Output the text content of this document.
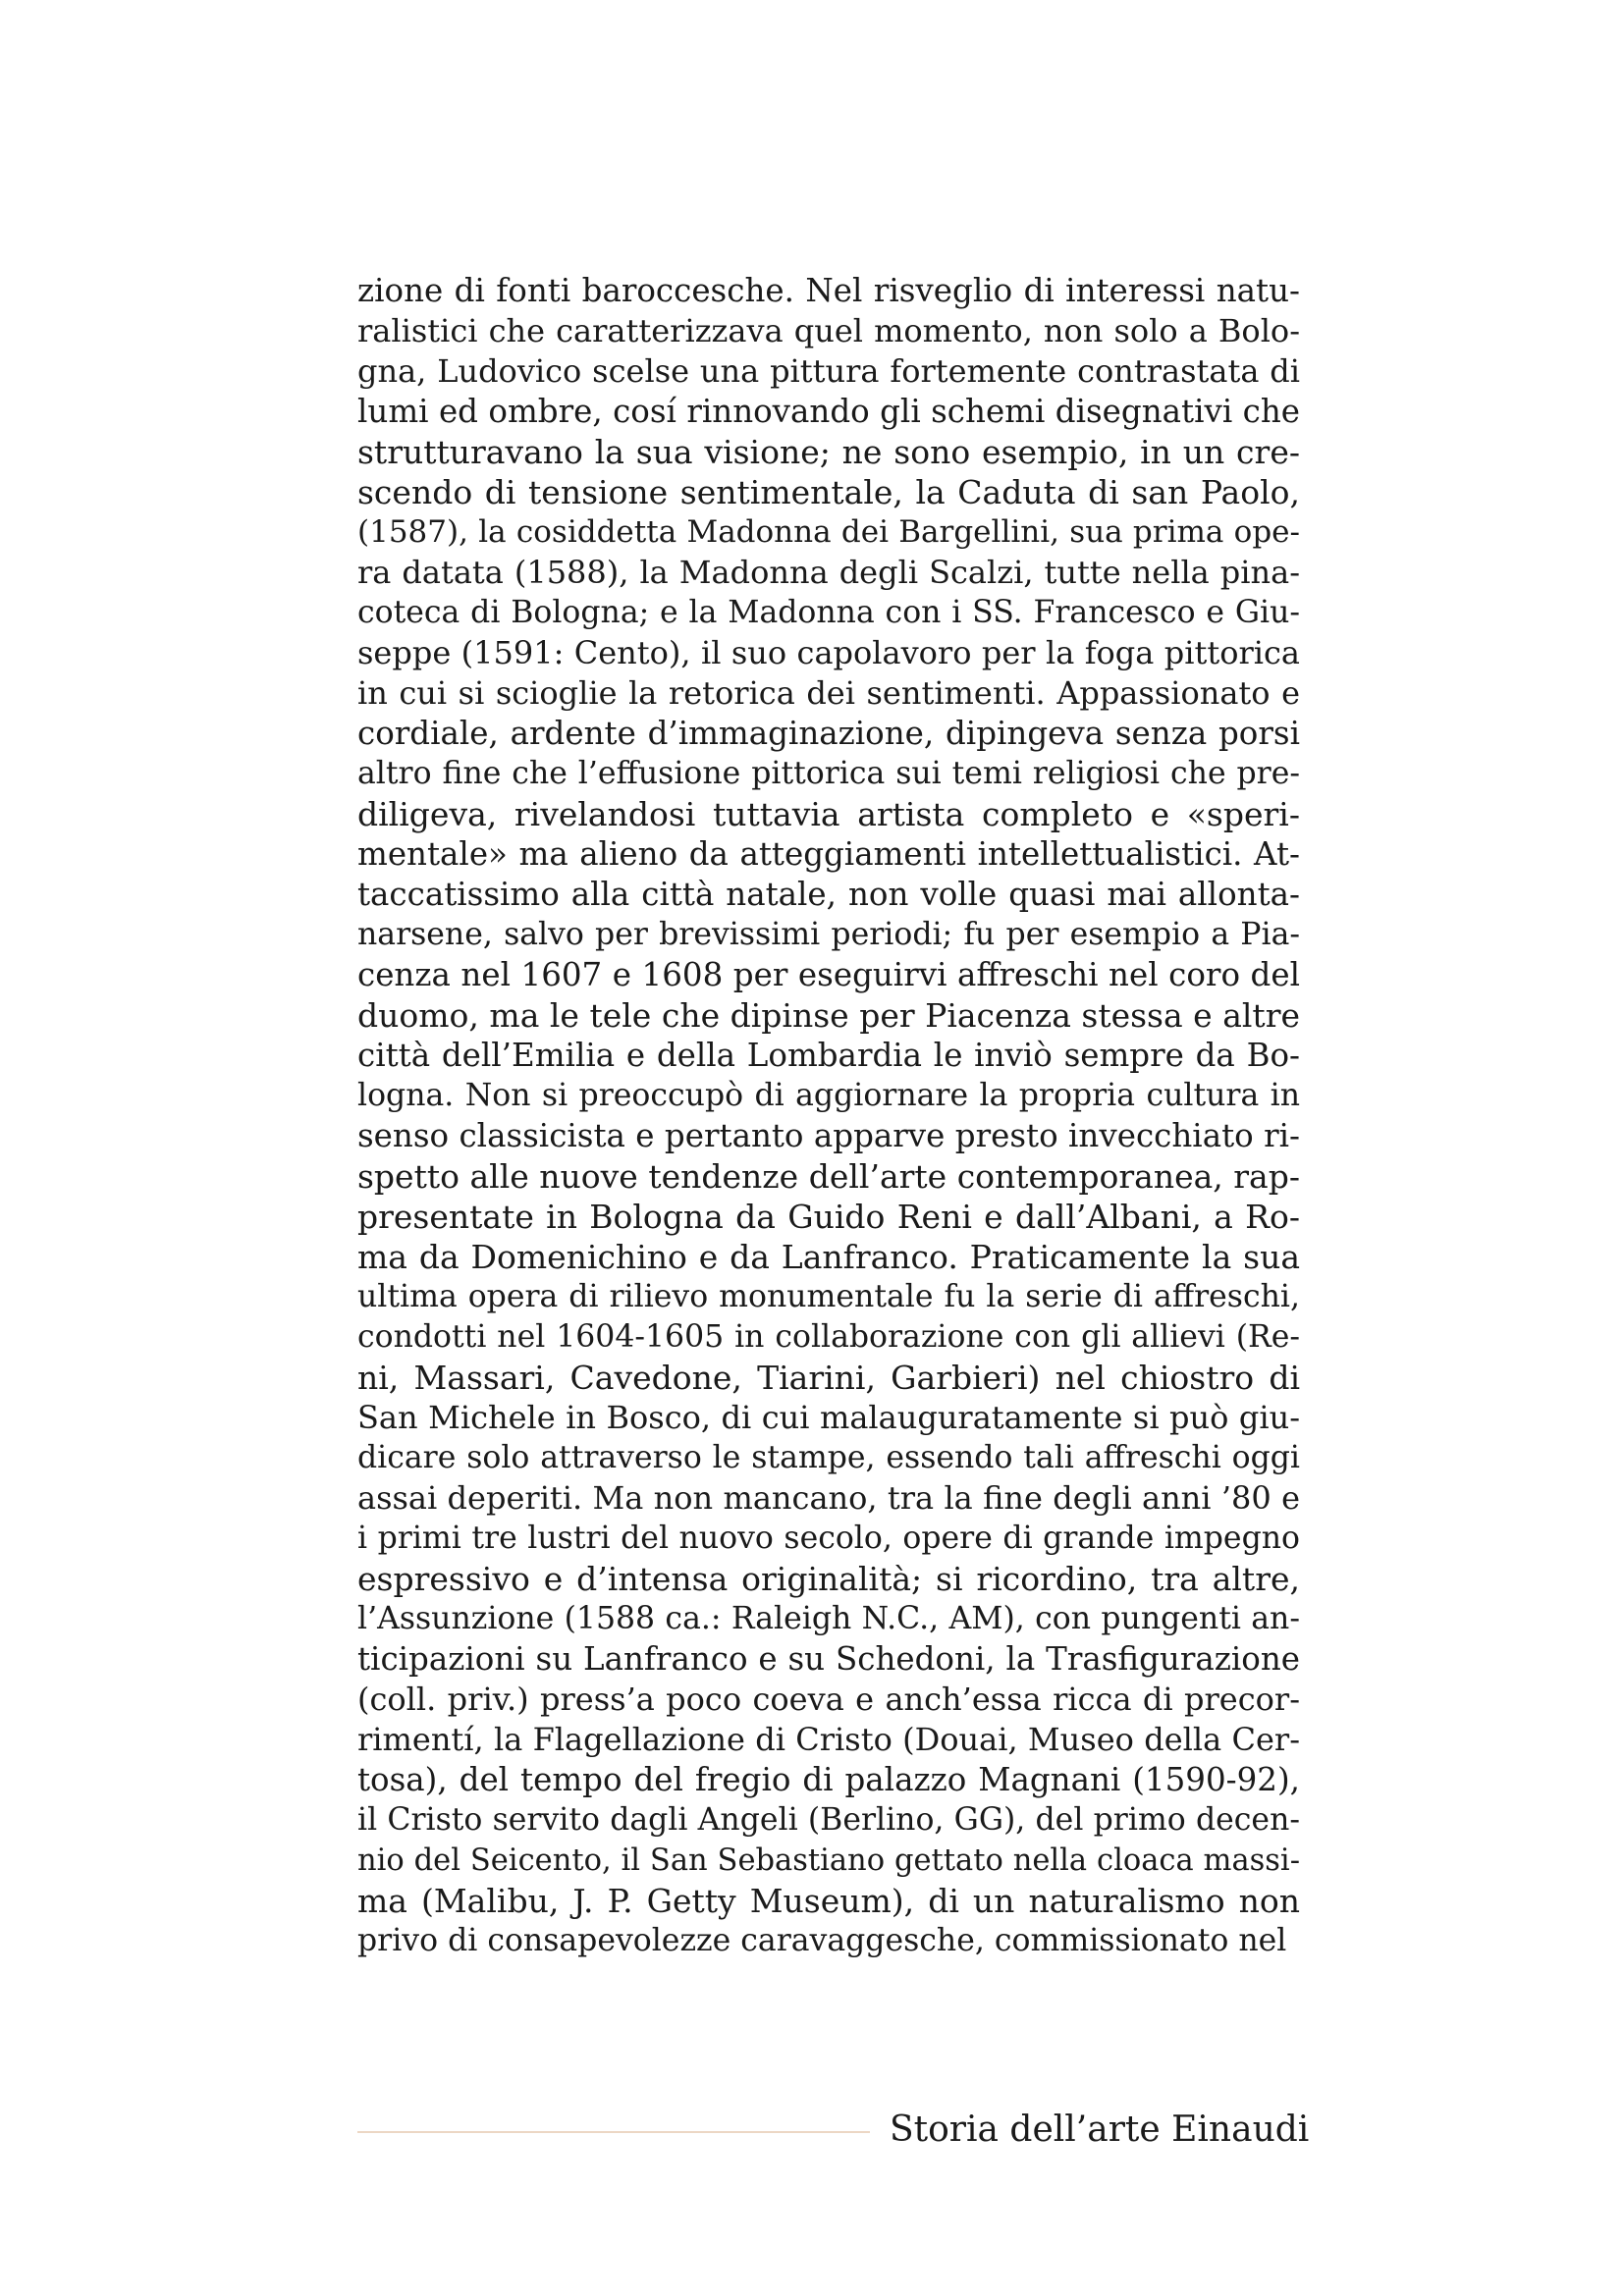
zione di fonti baroccesche. Nel risveglio di interessi natu-
ralistici che caratterizzava quel momento, non solo a Bolo-
gna, Ludovico scelse una pittura fortemente contrastata di
lumi ed ombre, cosí rinnovando gli schemi disegnativi che
strutturavano la sua visione; ne sono esempio, in un cre-
scendo di tensione sentimentale, la Caduta di san Paolo,
(1587), la cosiddetta Madonna dei Bargellini, sua prima ope-
ra datata (1588), la Madonna degli Scalzi, tutte nella pina-
coteca di Bologna; e la Madonna con i SS. Francesco e Giu-
seppe (1591: Cento), il suo capolavoro per la foga pittorica
in cui si scioglie la retorica dei sentimenti. Appassionato e
cordiale, ardente d’immaginazione, dipingeva senza porsi
altro fine che l’effusione pittorica sui temi religiosi che pre-
diligeva, rivelandosi tuttavia artista completo e «speri-
mentale» ma alieno da atteggiamenti intellettualistici. At-
taccatissimo alla città natale, non volle quasi mai allonta-
narsene, salvo per brevissimi periodi; fu per esempio a Pia-
cenza nel 1607 e 1608 per eseguirvi affreschi nel coro del
duomo, ma le tele che dipinse per Piacenza stessa e altre
città dell’Emilia e della Lombardia le inviò sempre da Bo-
logna. Non si preoccupò di aggiornare la propria cultura in
senso classicista e pertanto apparve presto invecchiato ri-
spetto alle nuove tendenze dell’arte contemporanea, rap-
presentate in Bologna da Guido Reni e dall’Albani, a Ro-
ma da Domenichino e da Lanfranco. Praticamente la sua
ultima opera di rilievo monumentale fu la serie di affreschi,
condotti nel 1604-1605 in collaborazione con gli allievi (Re-
ni, Massari, Cavedone, Tiarini, Garbieri) nel chiostro di
San Michele in Bosco, di cui malauguratamente si può giu-
dicare solo attraverso le stampe, essendo tali affreschi oggi
assai deperiti. Ma non mancano, tra la fine degli anni ’80 e
i primi tre lustri del nuovo secolo, opere di grande impegno
espressivo e d’intensa originalità; si ricordino, tra altre,
l’Assunzione (1588 ca.: Raleigh N.C., AM), con pungenti an-
ticipazioni su Lanfranco e su Schedoni, la Trasfigurazione
(coll. priv.) press’a poco coeva e anch’essa ricca di precor-
rimentí, la Flagellazione di Cristo (Douai, Museo della Cer-
tosa), del tempo del fregio di palazzo Magnani (1590-92),
il Cristo servito dagli Angeli (Berlino, GG), del primo decen-
nio del Seicento, il San Sebastiano gettato nella cloaca massi-
ma (Malibu, J. P. Getty Museum), di un naturalismo non
privo di consapevolezze caravaggesche, commissionato nel
Storia dell’arte Einaudi
